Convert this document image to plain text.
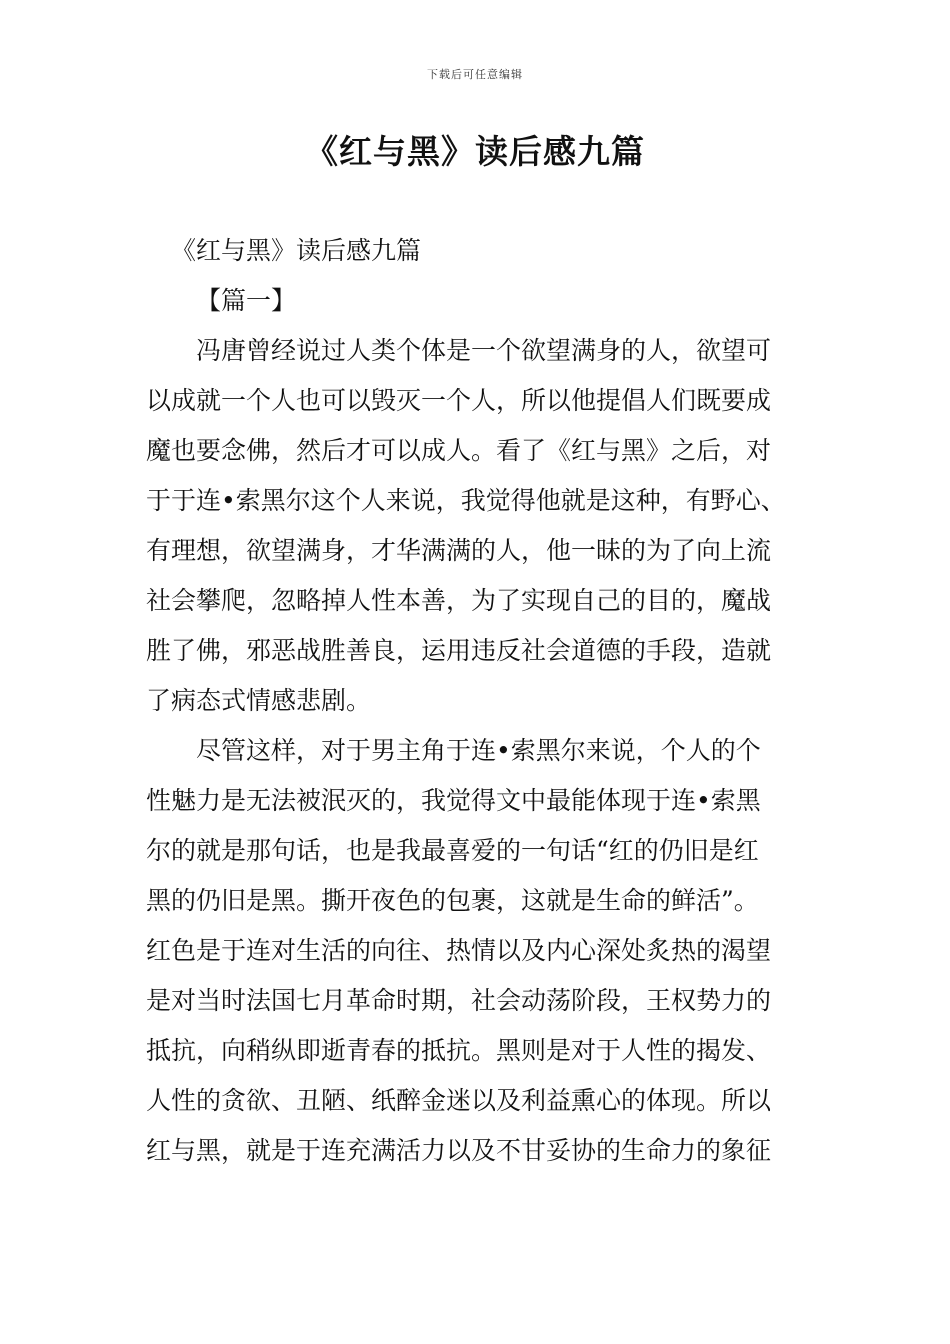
下载后可任意编辑
《红与黑》读后感九篇

《红与黑》读后感九篇

【篇一】

冯唐曾经说过人类个体是一个欲望满身的人，欲望可
以成就一个人也可以毁灭一个人，所以他提倡人们既要成
魔也要念佛，然后才可以成人。看了《红与黑》之后，对
于于连•索黑尔这个人来说，我觉得他就是这种，有野心、
有理想，欲望满身，才华满满的人，他一昧的为了向上流
社会攀爬，忽略掉人性本善，为了实现自己的目的，魔战
胜了佛，邪恶战胜善良，运用违反社会道德的手段，造就
了病态式情感悲剧。

尽管这样，对于男主角于连•索黑尔来说，个人的个
性魅力是无法被泯灭的，我觉得文中最能体现于连•索黑
尔的就是那句话，也是我最喜爱的一句话“红的仍旧是红
黑的仍旧是黑。撕开夜色的包裹，这就是生命的鲜活”。
红色是于连对生活的向往、热情以及内心深处炙热的渴望
是对当时法国七月革命时期，社会动荡阶段，王权势力的
抵抗，向稍纵即逝青春的抵抗。黑则是对于人性的揭发、
人性的贪欲、丑陋、纸醉金迷以及利益熏心的体现。所以
红与黑，就是于连充满活力以及不甘妥协的生命力的象征
